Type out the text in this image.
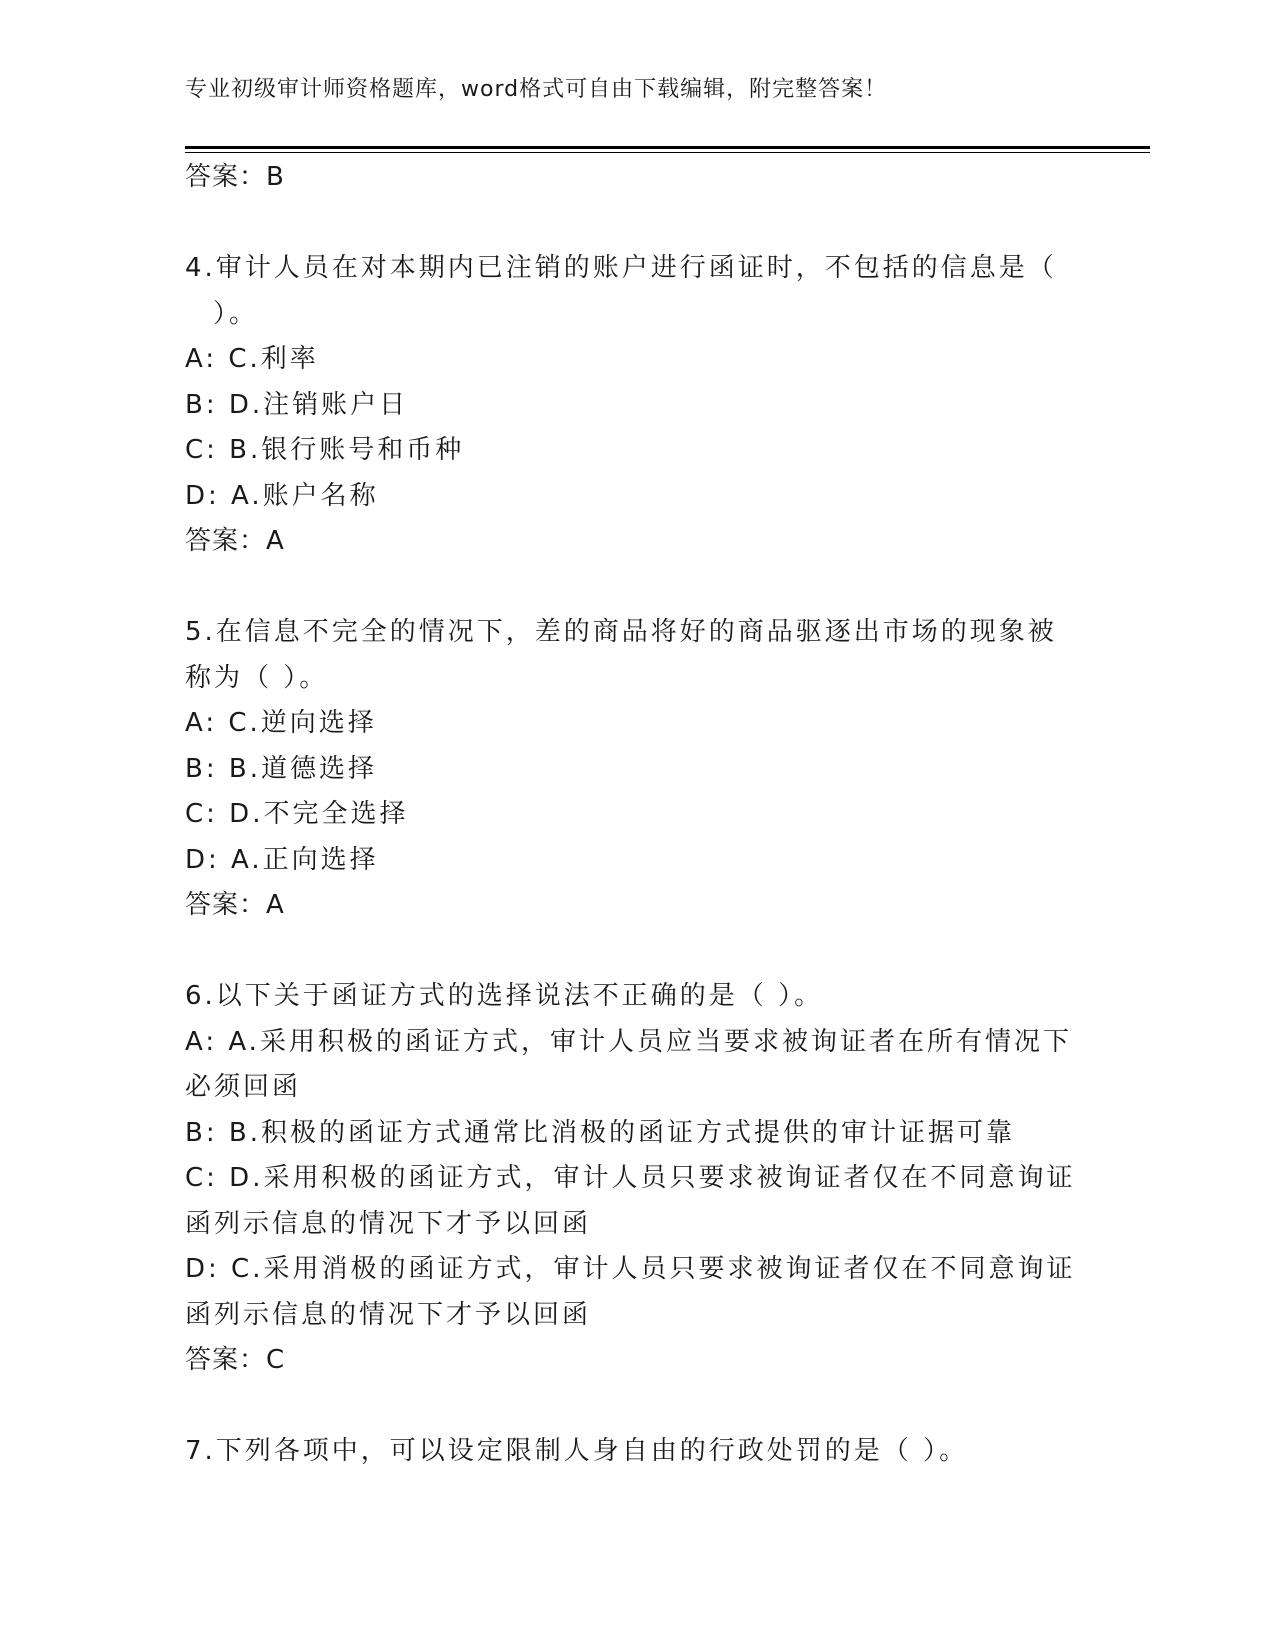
专业初级审计师资格题库，word格式可自由下载编辑，附完整答案！
答案：B
4.审计人员在对本期内已注销的账户进行函证时，不包括的信息是（
）。
A: C.利率
B: D.注销账户日
C: B.银行账号和币种
D: A.账户名称
答案：A
5.在信息不完全的情况下，差的商品将好的商品驱逐出市场的现象被
称为（ ）。
A: C.逆向选择
B: B.道德选择
C: D.不完全选择
D: A.正向选择
答案：A
6.以下关于函证方式的选择说法不正确的是（ ）。
A: A.采用积极的函证方式，审计人员应当要求被询证者在所有情况下
必须回函
B: B.积极的函证方式通常比消极的函证方式提供的审计证据可靠
C: D.采用积极的函证方式，审计人员只要求被询证者仅在不同意询证
函列示信息的情况下才予以回函
D: C.采用消极的函证方式，审计人员只要求被询证者仅在不同意询证
函列示信息的情况下才予以回函
答案：C
7.下列各项中，可以设定限制人身自由的行政处罚的是（ ）。
